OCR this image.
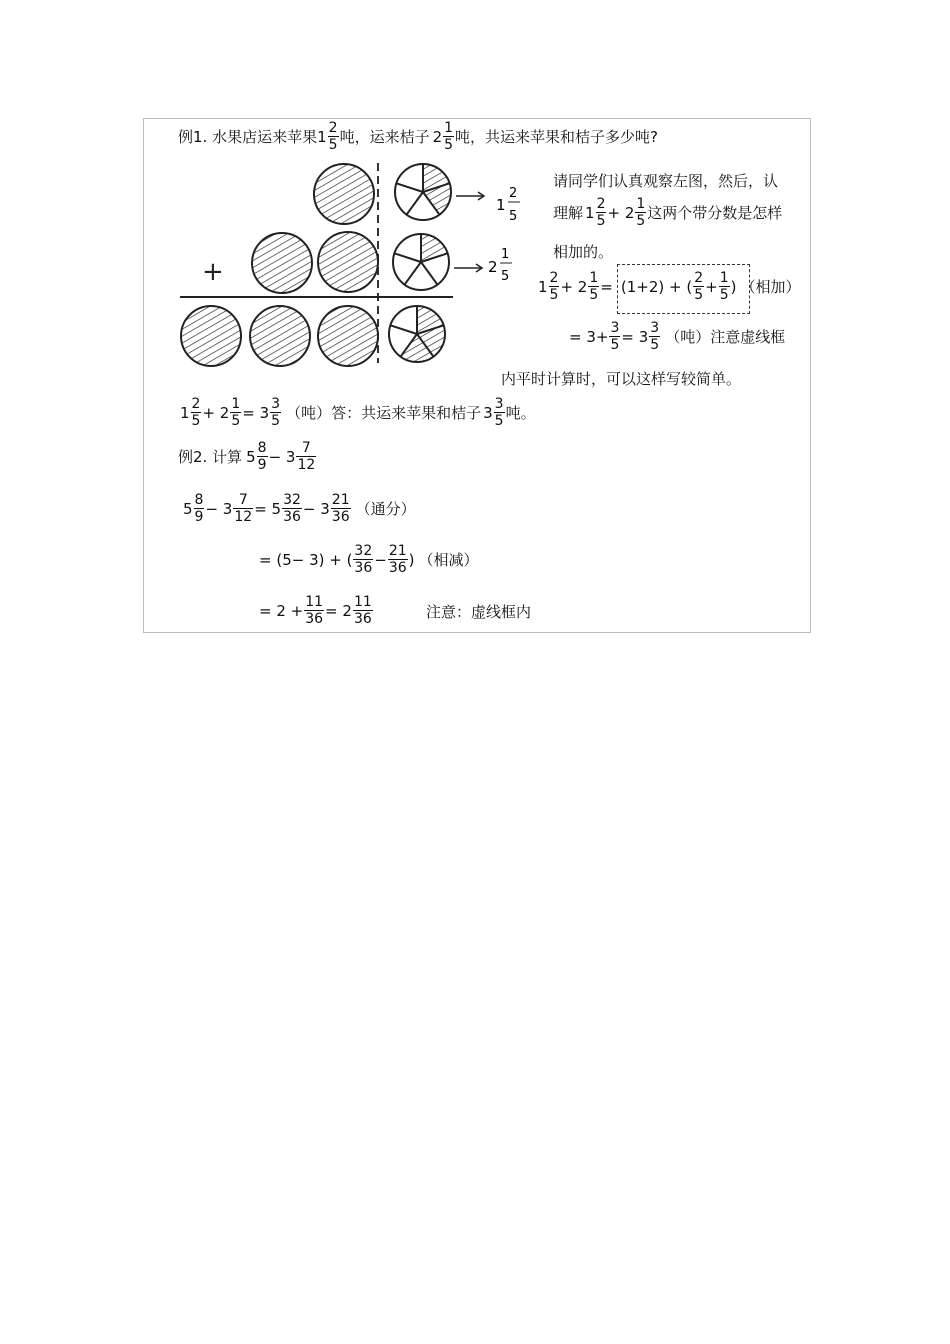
例1. 水果店运来苹果 1 2
5 吨，运来桔子 2 1
5 吨，共运来苹果和桔子多少吨?
+
1
2
5
2
1
5
请同学们认真观察左图，然后，认
理解 1 2
5 + 2 1
5 这两个带分数是怎样
相加的。
1 2
$5 + 2 \frac{1}{5} = (1+2)$ + ( 2
$5 + \frac{1}{5}$ ) （相加）
= $3+ \frac{3}{5} = 3$ 3
5 （吨）注意虚线框
内平时计算时，可以这样写较简单。
1 2
$5 + 2 \frac{1}{5} = 3$ 3
5 （吨）答：共运来苹果和桔子 3 3
5 吨。
例2. 计算 5 8
9 − 3 7
12
5 8
$9 - 3 \frac{7}{12} = 5$ 32
36 − 3 21
36 （通分）
= (5− 3) + ( 32
$36 - \frac{21}{36}$ ) （相减）
= $2 + \frac{11}{36} = 2$ 11
36	注意：虚线框内
